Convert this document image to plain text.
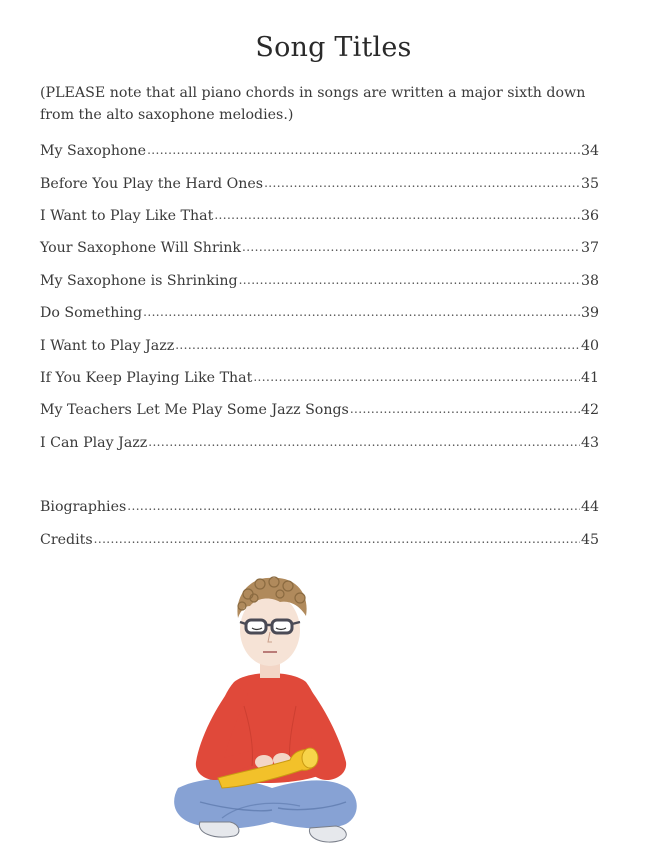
Song Titles

(PLEASE note that all piano chords in songs are written a major sixth down from the alto saxophone melodies.)

My Saxophone .....	34
Before You Play the Hard Ones .....	35
I Want to Play Like That .....	36
Your Saxophone Will Shrink .....	37
My Saxophone is Shrinking .....	38
Do Something .....	39
I Want to Play Jazz .....	40
If You Keep Playing Like That .....	41
My Teachers Let Me Play Some Jazz Songs .....	42
I Can Play Jazz .....	43
Biographies .....	44
Credits .....	45
